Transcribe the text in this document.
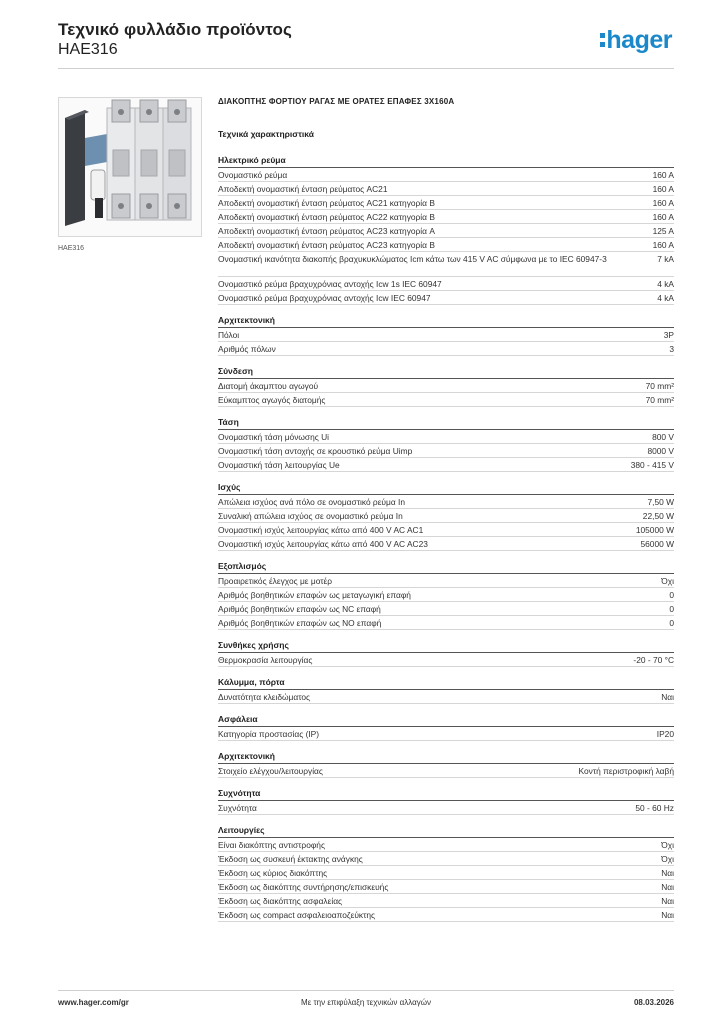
Τεχνικό φυλλάδιο προϊόντος
HAE316	hager
HAE316
ΔΙΑΚΟΠΤΗΣ ΦΟΡΤΙΟΥ ΡΑΓΑΣ ΜΕ ΟΡΑΤΕΣ ΕΠΑΦΕΣ 3X160A
Τεχνικά χαρακτηριστικά
Ηλεκτρικό ρεύμα
Ονομαστικό ρεύμα	160 A
Αποδεκτή ονομαστική ένταση ρεύματος AC21	160 A
Αποδεκτή ονομαστική ένταση ρεύματος AC21 κατηγορία B	160 A
Αποδεκτή ονομαστική ένταση ρεύματος AC22 κατηγορία B	160 A
Αποδεκτή ονομαστική ένταση ρεύματος AC23 κατηγορία A	125 A
Αποδεκτή ονομαστική ένταση ρεύματος AC23 κατηγορία B	160 A
Ονομαστική ικανότητα διακοπής βραχυκυκλώματος Icm κάτω των 415 V AC σύμφωνα με το IEC 60947-3	7 kA
Ονομαστικό ρεύμα βραχυχρόνιας αντοχής Icw 1s IEC 60947	4 kA
Ονομαστικό ρεύμα βραχυχρόνιας αντοχής Icw IEC 60947	4 kA
Αρχιτεκτονική
Πόλοι	3P
Αριθμός πόλων	3
Σύνδεση
Διατομή άκαμπτου αγωγού	70 mm²
Εύκαμπτος αγωγός διατομής	70 mm²
Τάση
Ονομαστική τάση μόνωσης Ui	800 V
Ονομαστική τάση αντοχής σε κρουστικό ρεύμα Uimp	8000 V
Ονομαστική τάση λειτουργίας Ue	380 - 415 V
Ισχύς
Απώλεια ισχύος ανά πόλο σε ονομαστικό ρεύμα In	7,50 W
Συναλική απώλεια ισχύος σε ονομαστικό ρεύμα In	22,50 W
Ονομαστική ισχύς λειτουργίας κάτω από 400 V AC AC1	105000 W
Ονομαστική ισχύς λειτουργίας κάτω από 400 V AC AC23	56000 W
Εξοπλισμός
Προαιρετικός έλεγχος με μοτέρ	Όχι
Αριθμός βοηθητικών επαφών ως μεταγωγική επαφή	0
Αριθμός βοηθητικών επαφών ως NC επαφή	0
Αριθμός βοηθητικών επαφών ως NO επαφή	0
Συνθήκες χρήσης
Θερμοκρασία λειτουργίας	-20 - 70 °C
Κάλυμμα, πόρτα
Δυνατότητα κλειδώματος	Ναι
Ασφάλεια
Κατηγορία προστασίας (IP)	IP20
Αρχιτεκτονική
Στοιχείο ελέγχου/λειτουργίας	Κοντή περιστροφική λαβή
Συχνότητα
Συχνότητα	50 - 60 Hz
Λειτουργίες
Είναι διακόπτης αντιστροφής	Όχι
Έκδοση ως συσκευή έκτακτης ανάγκης	Όχι
Έκδοση ως κύριος διακόπτης	Ναι
Έκδοση ως διακόπτης συντήρησης/επισκευής	Ναι
Έκδοση ως διακόπτης ασφαλείας	Ναι
Έκδοση ως compact ασφαλειοαποζεύκτης	Ναι
www.hager.com/gr	Με την επιφύλαξη τεχνικών αλλαγών	08.03.2026
